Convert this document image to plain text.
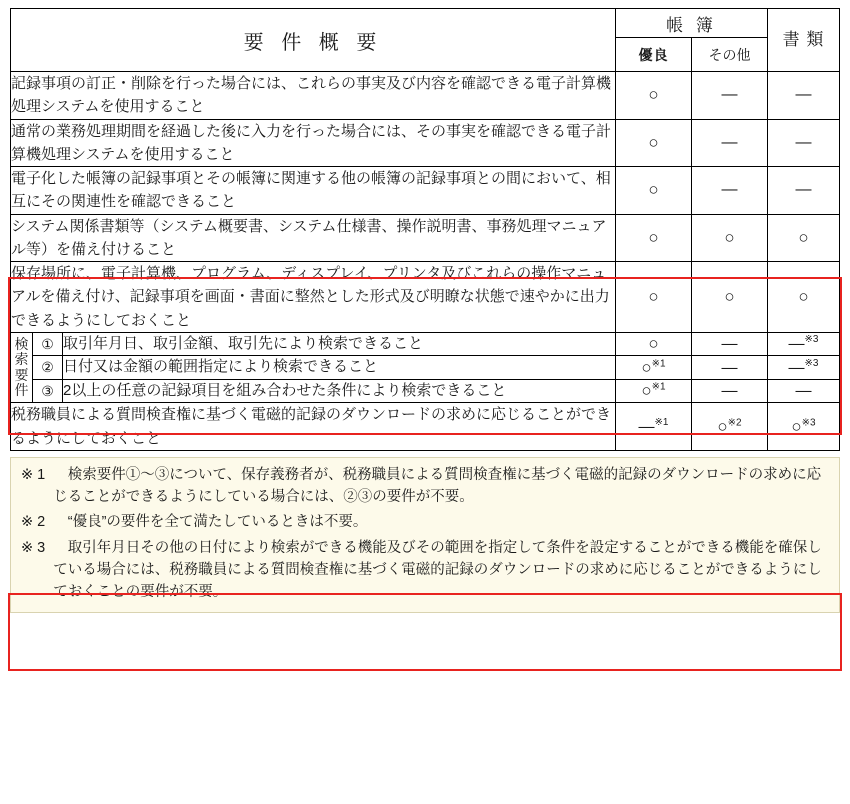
要 件 概 要			帳 簿		書 類
			優良	その他	
記録事項の訂正・削除を行った場合には、これらの事実及び内容を確認できる電子計算機処理システムを使用すること			○	—	—
通常の業務処理期間を経過した後に入力を行った場合には、その事実を確認できる電子計算機処理システムを使用すること			○	—	—
電子化した帳簿の記録事項とその帳簿に関連する他の帳簿の記録事項との間において、相互にその関連性を確認できること			○	—	—
システム関係書類等（システム概要書、システム仕様書、操作説明書、事務処理マニュアル等）を備え付けること			○	○	○
保存場所に、電子計算機、プログラム、ディスプレイ、プリンタ及びこれらの操作マニュアルを備え付け、記録事項を画面・書面に整然とした形式及び明瞭な状態で速やかに出力できるようにしておくこと			○	○	○

検
索
要
件	①	取引年月日、取引金額、取引先により検索できること	○	—	—$^{※3}$
	②	日付又は金額の範囲指定により検索できること	○$^{※1}$	—	—$^{※3}$
	③	2以上の任意の記録項目を組み合わせた条件により検索できること	○$^{※1}$	—	—
税務職員による質問検査権に基づく電磁的記録のダウンロードの求めに応じることができるようにしておくこと			—$^{※1}$	○$^{※2}$	○$^{※3}$
※ 1	検索要件①～③について、保存義務者が、税務職員による質問検査権に基づく電磁的記録のダウンロードの求めに応じることができるようにしている場合には、②③の要件が不要。
※ 2	“優良”の要件を全て満たしているときは不要。
※ 3	取引年月日その他の日付により検索ができる機能及びその範囲を指定して条件を設定することができる機能を確保している場合には、税務職員による質問検査権に基づく電磁的記録のダウンロードの求めに応じることができるようにしておくことの要件が不要。
